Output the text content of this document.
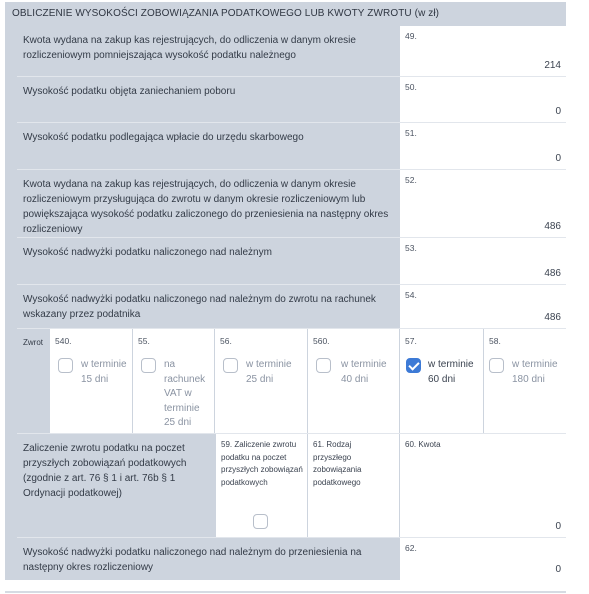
OBLICZENIE WYSOKOŚCI ZOBOWIĄZANIA PODATKOWEGO LUB KWOTY ZWROTU (w zł)
Kwota wydana na zakup kas rejestrujących, do odliczenia w danym okresie rozliczeniowym pomniejszająca wysokość podatku należnego
49.
214
Wysokość podatku objęta zaniechaniem poboru	50.
0
Wysokość podatku podlegająca wpłacie do urzędu skarbowego	51.
0
Kwota wydana na zakup kas rejestrujących, do odliczenia w danym okresie rozliczeniowym przysługująca do zwrotu w danym okresie rozliczeniowym lub powiększająca wysokość podatku zaliczonego do przeniesienia na następny okres rozliczeniowy
52.
486
Wysokość nadwyżki podatku naliczonego nad należnym	53.
486
Wysokość nadwyżki podatku naliczonego nad należnym do zwrotu na rachunek wskazany przez podatnika
54.
486
Zwrot	540.
w terminie 15 dni
55.
na rachunek VAT w terminie 25 dni
56.
w terminie 25 dni
560.
w terminie 40 dni
57.
w terminie 60 dni
58.
w terminie 180 dni
Zaliczenie zwrotu podatku na poczet przyszłych zobowiązań podatkowych (zgodnie z art. 76 § 1 i art. 76b § 1 Ordynacji podatkowej)
59. Zaliczenie zwrotu podatku na poczet przyszłych zobowiązań podatkowych
61. Rodzaj przyszłego zobowiązania podatkowego
60. Kwota
0
Wysokość nadwyżki podatku naliczonego nad należnym do przeniesienia na następny okres rozliczeniowy
62.
0
